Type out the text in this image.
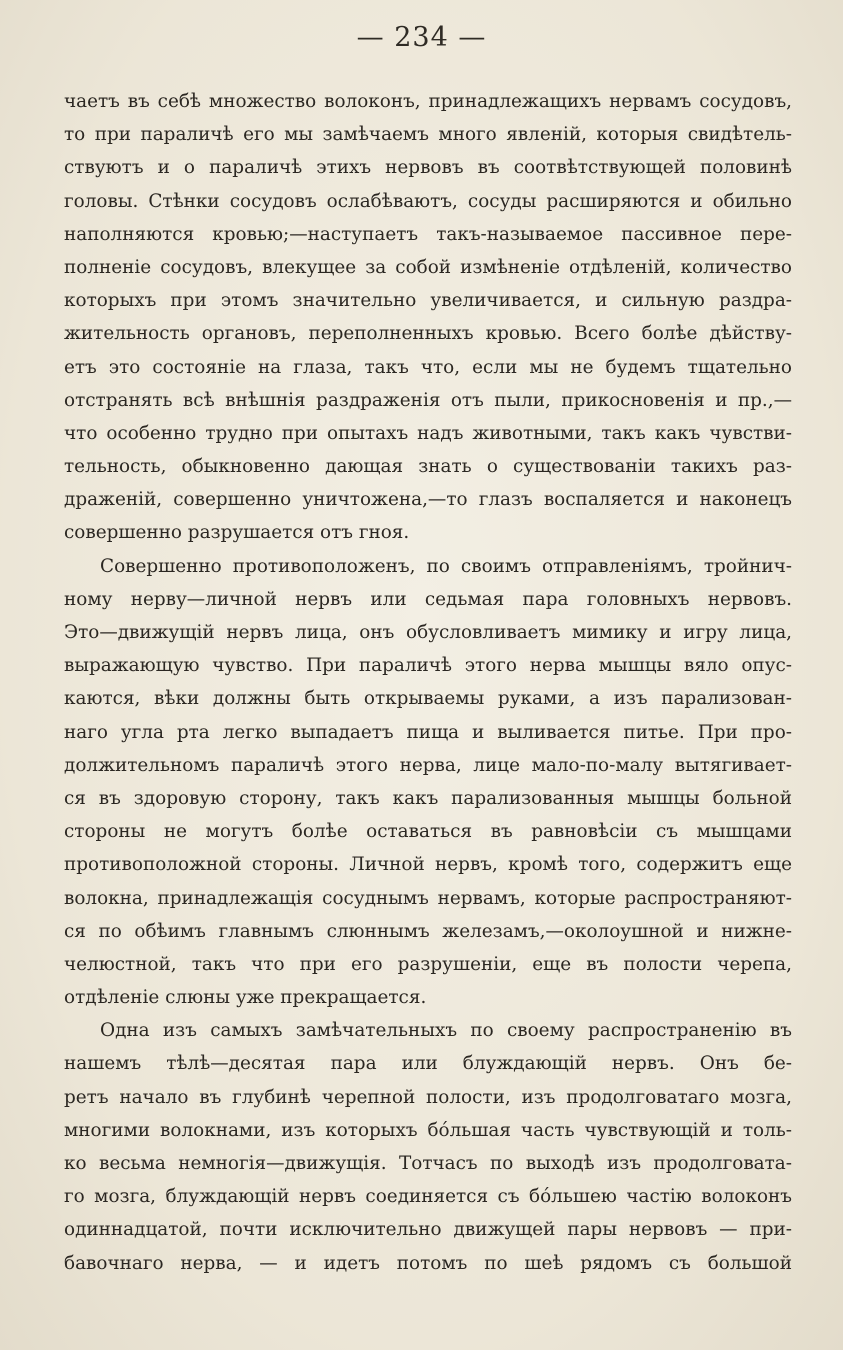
— 234 —
чаетъ въ себѣ множество волоконъ, принадлежащихъ нервамъ сосудовъ,
то при параличѣ его мы замѣчаемъ много явленій, которыя свидѣтель-
ствуютъ и о параличѣ этихъ нервовъ въ соотвѣтствующей половинѣ
головы. Стѣнки сосудовъ ослабѣваютъ, сосуды расширяются и обильно
наполняются кровью;—наступаетъ такъ-называемое пассивное пере-
полненіе сосудовъ, влекущее за собой измѣненіе отдѣленій, количество
которыхъ при этомъ значительно увеличивается, и сильную раздра-
жительность органовъ, переполненныхъ кровью. Всего болѣе дѣйству-
етъ это состояніе на глаза, такъ что, если мы не будемъ тщательно
отстранять всѣ внѣшнія раздраженія отъ пыли, прикосновенія и пр.,—
что особенно трудно при опытахъ надъ животными, такъ какъ чувстви-
тельность, обыкновенно дающая знать о существованіи такихъ раз-
драженій, совершенно уничтожена,—то глазъ воспаляется и наконецъ
совершенно разрушается отъ гноя.
Совершенно противоположенъ, по своимъ отправленіямъ, тройнич-
ному нерву—личной нервъ или седьмая пара головныхъ нервовъ.
Это—движущій нервъ лица, онъ обусловливаетъ мимику и игру лица,
выражающую чувство. При параличѣ этого нерва мышцы вяло опус-
каются, вѣки должны быть открываемы руками, а изъ парализован-
наго угла рта легко выпадаетъ пища и выливается питье. При про-
должительномъ параличѣ этого нерва, лице мало-по-малу вытягивает-
ся въ здоровую сторону, такъ какъ парализованныя мышцы больной
стороны не могутъ болѣе оставаться въ равновѣсіи съ мышцами
противоположной стороны. Личной нервъ, кромѣ того, содержитъ еще
волокна, принадлежащія сосуднымъ нервамъ, которые распространяют-
ся по обѣимъ главнымъ слюннымъ железамъ,—околоушной и нижне-
челюстной, такъ что при его разрушеніи, еще въ полости черепа,
отдѣленіе слюны уже прекращается.
Одна изъ самыхъ замѣчательныхъ по своему распространенію въ
нашемъ тѣлѣ—десятая пара или блуждающій нервъ. Онъ бе-
ретъ начало въ глубинѣ черепной полости, изъ продолговатаго мозга,
многими волокнами, изъ которыхъ бо́льшая часть чувствующій и толь-
ко весьма немногія—движущія. Тотчасъ по выходѣ изъ продолговата-
го мозга, блуждающій нервъ соединяется съ бо́льшею частію волоконъ
одиннадцатой, почти исключительно движущей пары нервовъ — при-
бавочнаго нерва, — и идетъ потомъ по шеѣ рядомъ съ большой
